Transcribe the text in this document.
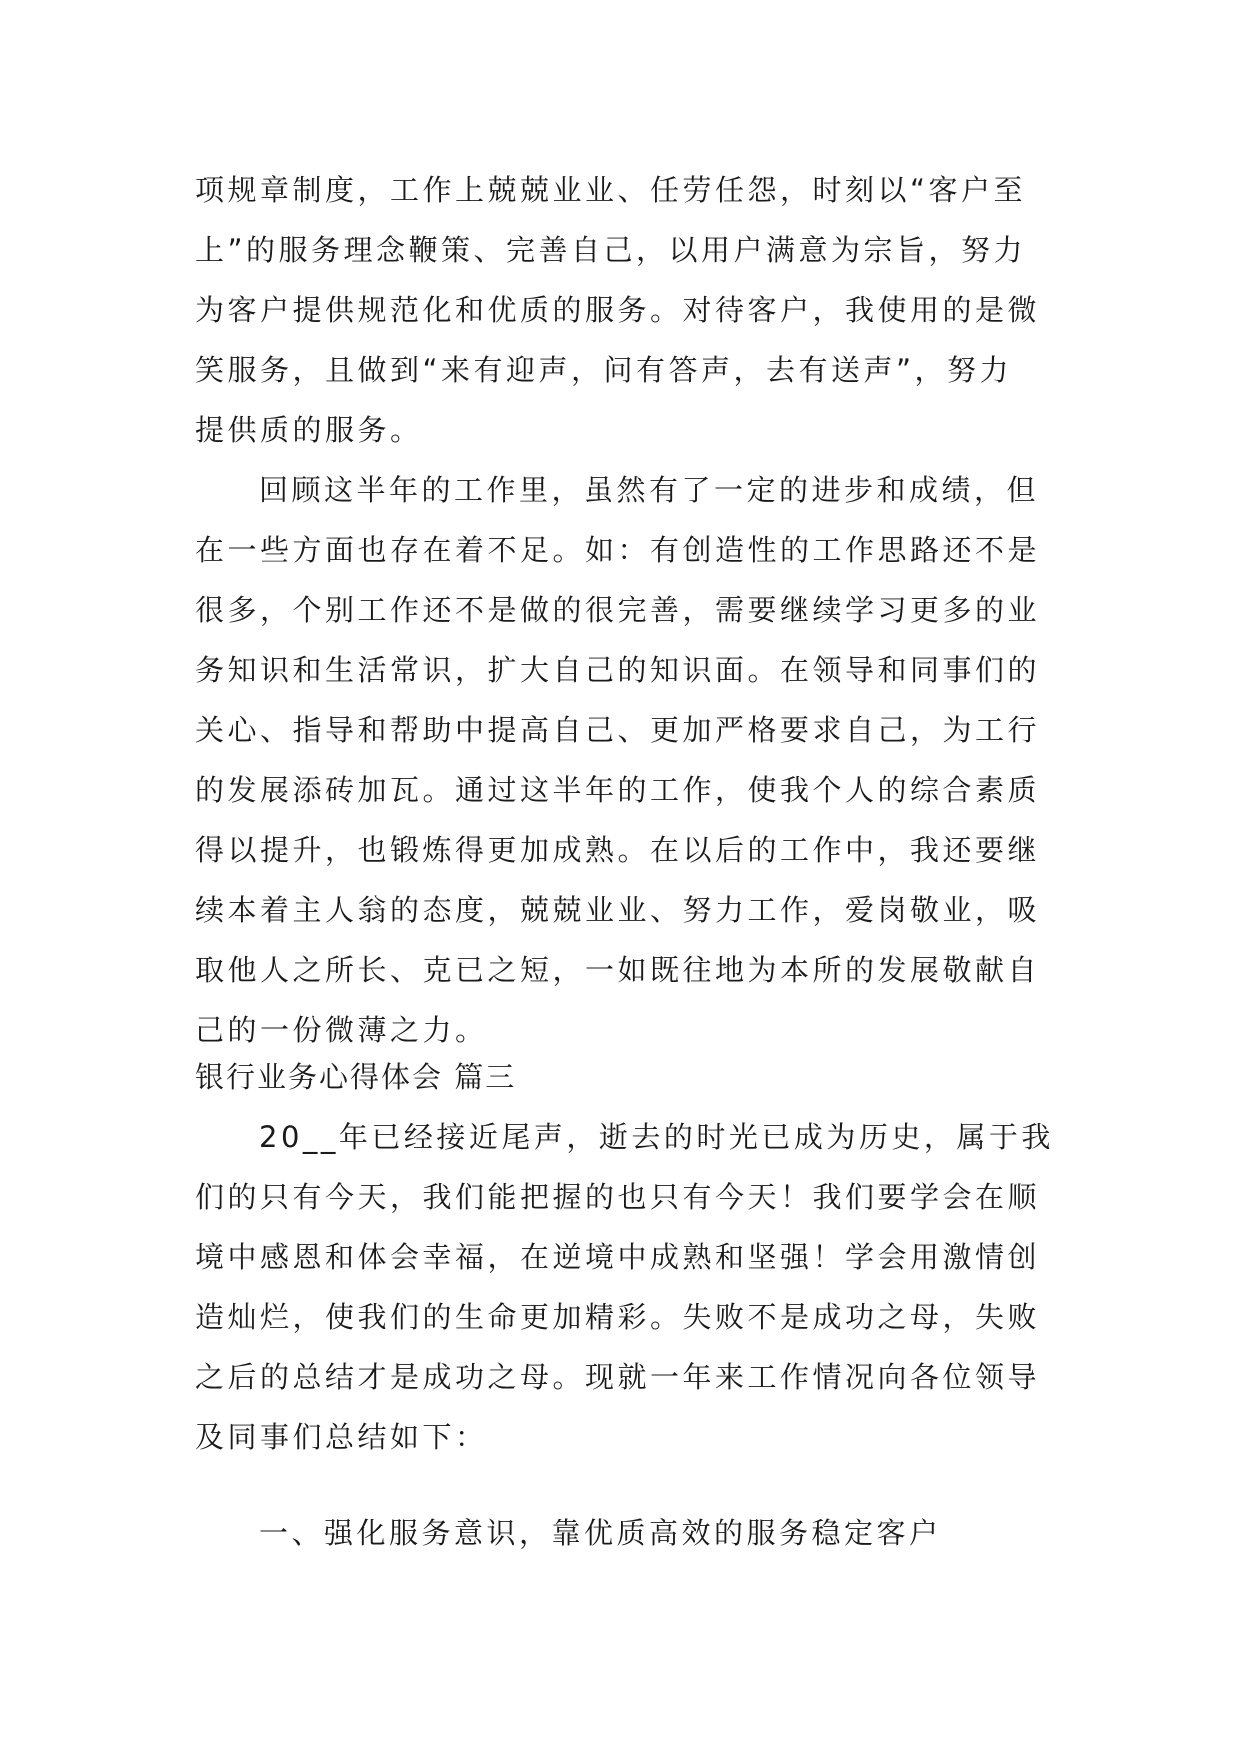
项规章制度，工作上兢兢业业、任劳任怨，时刻以“客户至
上”的服务理念鞭策、完善自己，以用户满意为宗旨，努力
为客户提供规范化和优质的服务。对待客户，我使用的是微
笑服务，且做到“来有迎声，问有答声，去有送声”，努力
提供质的服务。
回顾这半年的工作里，虽然有了一定的进步和成绩，但
在一些方面也存在着不足。如：有创造性的工作思路还不是
很多，个别工作还不是做的很完善，需要继续学习更多的业
务知识和生活常识，扩大自己的知识面。在领导和同事们的
关心、指导和帮助中提高自己、更加严格要求自己，为工行
的发展添砖加瓦。通过这半年的工作，使我个人的综合素质
得以提升，也锻炼得更加成熟。在以后的工作中，我还要继
续本着主人翁的态度，兢兢业业、努力工作，爱岗敬业，吸
取他人之所长、克已之短，一如既往地为本所的发展敬献自
己的一份微薄之力。
银行业务心得体会 篇三
20__年已经接近尾声，逝去的时光已成为历史，属于我
们的只有今天，我们能把握的也只有今天！我们要学会在顺
境中感恩和体会幸福，在逆境中成熟和坚强！学会用激情创
造灿烂，使我们的生命更加精彩。失败不是成功之母，失败
之后的总结才是成功之母。现就一年来工作情况向各位领导
及同事们总结如下：
一、强化服务意识，靠优质高效的服务稳定客户
